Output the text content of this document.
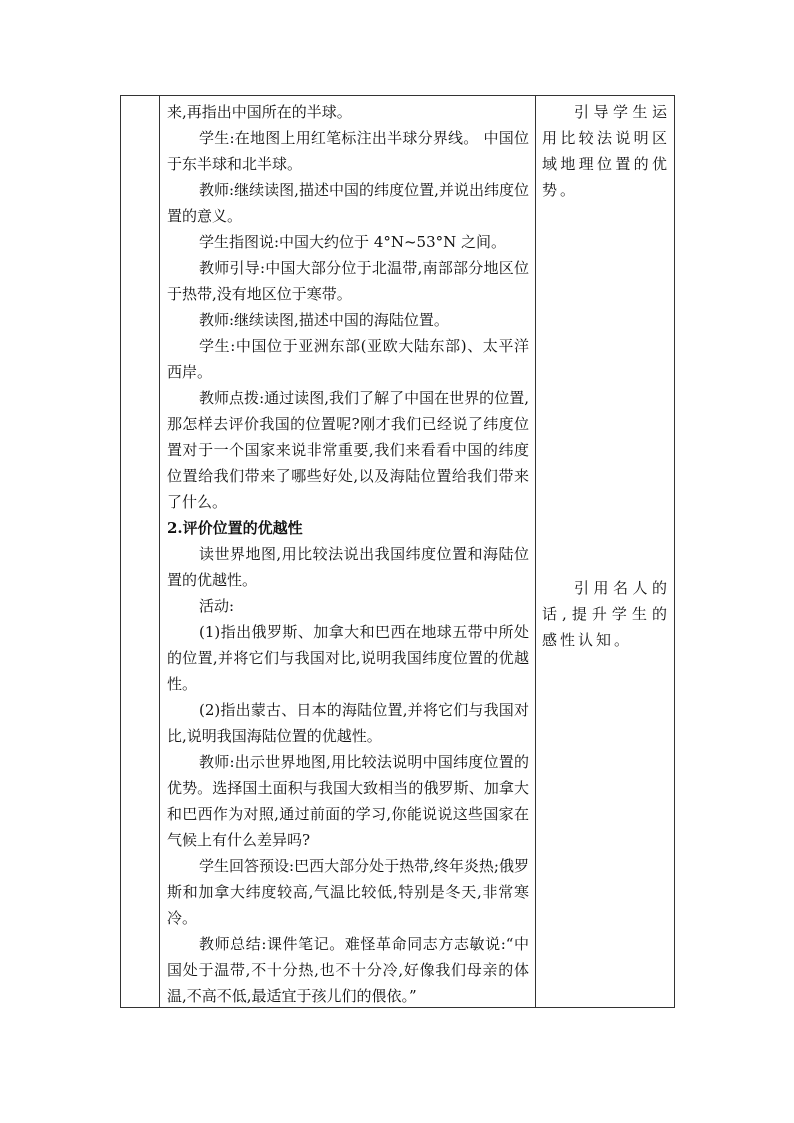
来,再指出中国所在的半球。

学生:在地图上用红笔标注出半球分界线。 中国位于东半球和北半球。

教师:继续读图,描述中国的纬度位置,并说出纬度位置的意义。

学生指图说:中国大约位于 4°N~53°N 之间。

教师引导:中国大部分位于北温带,南部部分地区位于热带,没有地区位于寒带。

教师:继续读图,描述中国的海陆位置。

学生:中国位于亚洲东部(亚欧大陆东部)、太平洋西岸。

教师点拨:通过读图,我们了解了中国在世界的位置,那怎样去评价我国的位置呢?刚才我们已经说了纬度位置对于一个国家来说非常重要,我们来看看中国的纬度位置给我们带来了哪些好处,以及海陆位置给我们带来了什么。

2.评价位置的优越性

读世界地图,用比较法说出我国纬度位置和海陆位置的优越性。

活动:

(1)指出俄罗斯、加拿大和巴西在地球五带中所处的位置,并将它们与我国对比,说明我国纬度位置的优越性。

(2)指出蒙古、日本的海陆位置,并将它们与我国对比,说明我国海陆位置的优越性。

教师:出示世界地图,用比较法说明中国纬度位置的优势。选择国土面积与我国大致相当的俄罗斯、加拿大和巴西作为对照,通过前面的学习,你能说说这些国家在气候上有什么差异吗?

学生回答预设:巴西大部分处于热带,终年炎热;俄罗斯和加拿大纬度较高,气温比较低,特别是冬天,非常寒冷。

教师总结:课件笔记。难怪革命同志方志敏说:“中国处于温带,不十分热,也不十分冷,好像我们母亲的体温,不高不低,最适宜于孩儿们的偎依。”

引导学生运用比较法说明区域地理位置的优势。

引用名人的话,提升学生的感性认知。
